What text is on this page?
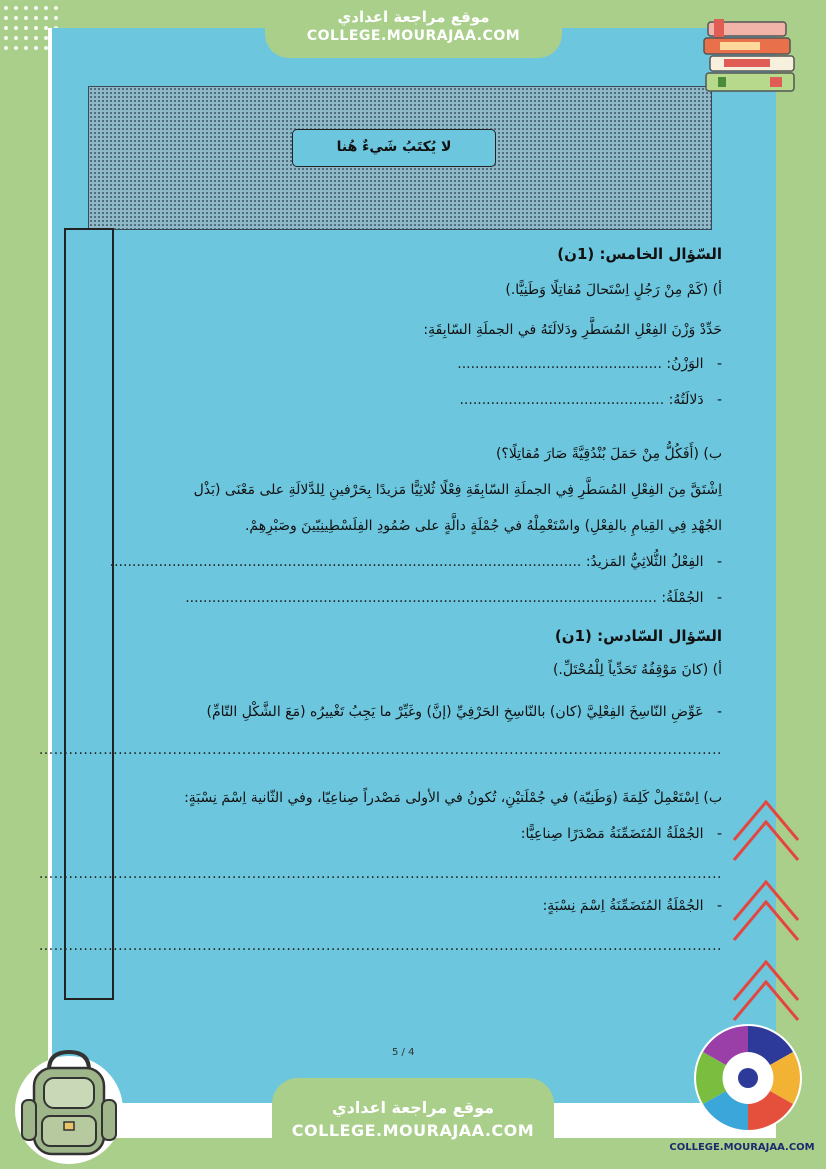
موقع مراجعة اعدادي
COLLEGE.MOURAJAA.COM
لا يُكتَبُ شَيءٌ هُنا
السّؤال الخامس: (1ن)
أ) (كَمْ مِنْ رَجُلٍ اِسْتَحالَ مُقاتِلًا وَطَنِيًّا.)
حَدِّدْ وَزْنَ الفِعْلِ المُسَطَّرِ ودَلالَتَهُ في الجملَةِ السّابِقَةِ:
-   الوَزْنُ: ..............................................
-   دَلالَتُهُ: ..............................................
ب) (أَفَكُلُّ مِنْ حَمَلَ بُنْدُقِيَّةً صَارَ مُقاتِلًا؟)
اِشْتَقَّ مِنَ الفِعْلِ المُسَطَّرِ فِي الجملَةِ السّابِقَةِ فِعْلًا ثُلاثِيًّا مَزيدًا بِحَرْفينِ لِلدَّلالَةِ على مَعْنَى (بَذْل
الجُهْدِ فِي القِيامِ بالفِعْلِ) واسْتَعْمِلْهُ في جُمْلَةٍ دالَّةٍ على صُمُودِ الفِلَسْطِينِيّينَ وصَبْرِهِمْ.
-   الفِعْلُ الثُّلاثِيُّ المَزيدُ: ..........................................................................................................
-   الجُمْلَةُ: ..........................................................................................................
السّؤال السّادس: (1ن)
أ) (كانَ مَوْقِفُهُ تَحَدِّياً لِلْمُحْتَلِّ.)
-   عَوِّضِ النّاسِخَ الفِعْلِيَّ (كان) بالنّاسِخِ الحَرْفِيِّ (إنَّ) وغَيِّرْ ما يَجِبُ تَغْييرُه (مَعَ الشَّكْلِ التّامِّ)
..........................................................................................................................................
ب) اِسْتَعْمِلْ كَلِمَةَ (وَطَنِيّة) في جُمْلَتيْنِ، تُكونُ في الأولى مَصْدراً صِناعِيّا، وفي الثّانية اِسْمَ نِسْبَةٍ:
-   الجُمْلَةُ المُتَضَمِّنَةُ مَصْدَرًا صِناعِيًّا:
..........................................................................................................................................
-   الجُمْلَةُ المُتَضَمِّنَةُ اِسْمَ نِسْبَةٍ:
..........................................................................................................................................
5 / 4
موقع مراجعة اعدادي
COLLEGE.MOURAJAA.COM
COLLEGE.MOURAJAA.COM
